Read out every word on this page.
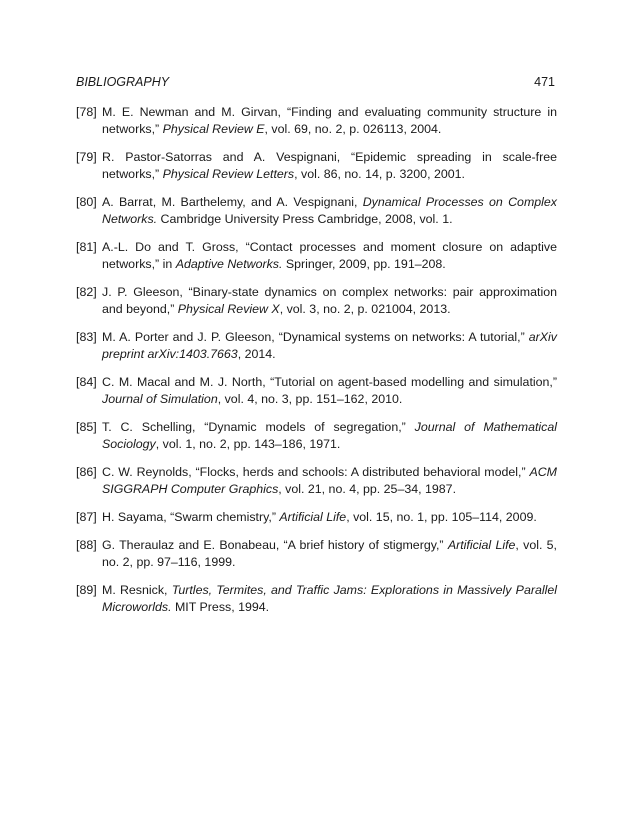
BIBLIOGRAPHY	471
[78] M. E. Newman and M. Girvan, “Finding and evaluating community structure in networks,” Physical Review E, vol. 69, no. 2, p. 026113, 2004.
[79] R. Pastor-Satorras and A. Vespignani, “Epidemic spreading in scale-free networks,” Physical Review Letters, vol. 86, no. 14, p. 3200, 2001.
[80] A. Barrat, M. Barthelemy, and A. Vespignani, Dynamical Processes on Complex Networks. Cambridge University Press Cambridge, 2008, vol. 1.
[81] A.-L. Do and T. Gross, “Contact processes and moment closure on adaptive networks,” in Adaptive Networks. Springer, 2009, pp. 191–208.
[82] J. P. Gleeson, “Binary-state dynamics on complex networks: pair approximation and beyond,” Physical Review X, vol. 3, no. 2, p. 021004, 2013.
[83] M. A. Porter and J. P. Gleeson, “Dynamical systems on networks: A tutorial,” arXiv preprint arXiv:1403.7663, 2014.
[84] C. M. Macal and M. J. North, “Tutorial on agent-based modelling and simulation,” Journal of Simulation, vol. 4, no. 3, pp. 151–162, 2010.
[85] T. C. Schelling, “Dynamic models of segregation,” Journal of Mathematical Sociology, vol. 1, no. 2, pp. 143–186, 1971.
[86] C. W. Reynolds, “Flocks, herds and schools: A distributed behavioral model,” ACM SIGGRAPH Computer Graphics, vol. 21, no. 4, pp. 25–34, 1987.
[87] H. Sayama, “Swarm chemistry,” Artificial Life, vol. 15, no. 1, pp. 105–114, 2009.
[88] G. Theraulaz and E. Bonabeau, “A brief history of stigmergy,” Artificial Life, vol. 5, no. 2, pp. 97–116, 1999.
[89] M. Resnick, Turtles, Termites, and Traffic Jams: Explorations in Massively Parallel Microworlds. MIT Press, 1994.
